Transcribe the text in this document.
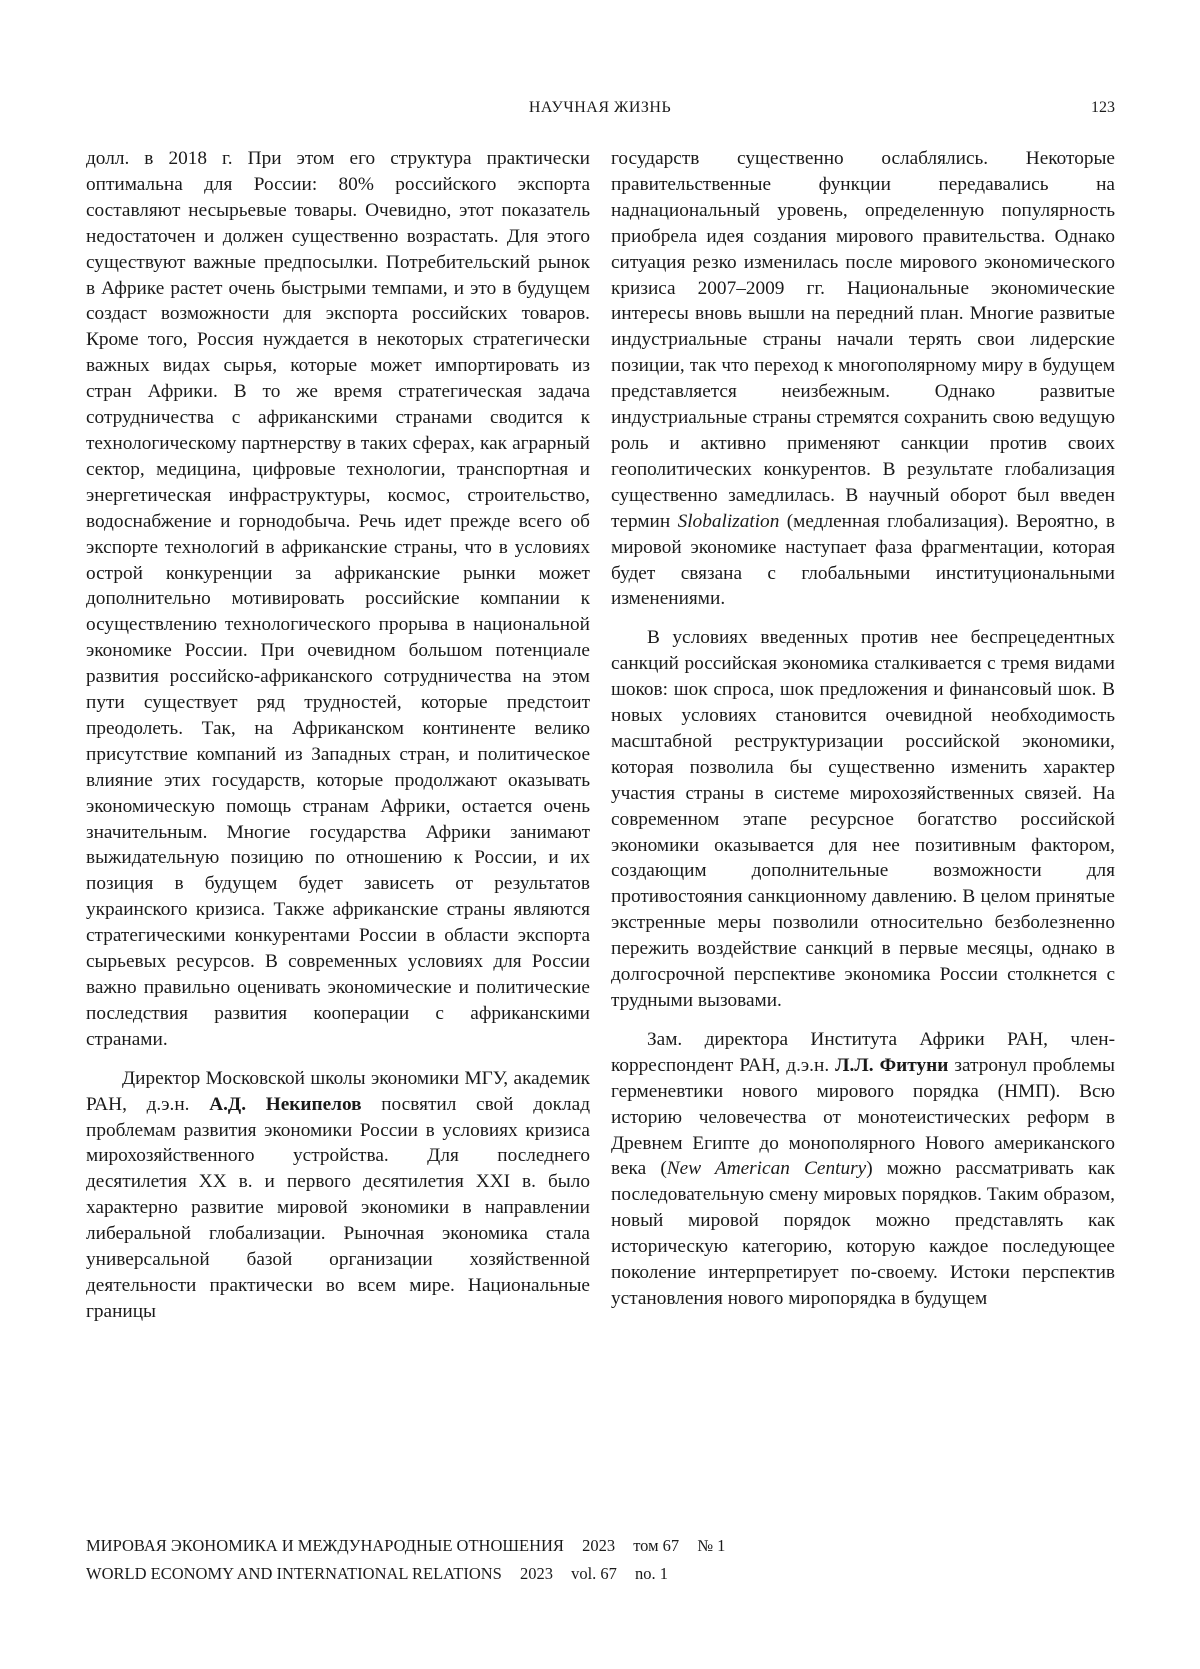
НАУЧНАЯ ЖИЗНЬ	123

долл. в 2018 г. При этом его структура практически оптимальна для России: 80% российского экспорта составляют несырьевые товары. Очевидно, этот показатель недостаточен и должен существенно возрастать. Для этого существуют важные предпосылки. Потребительский рынок в Африке растет очень быстрыми темпами, и это в будущем создаст возможности для экспорта российских товаров. Кроме того, Россия нуждается в некоторых стратегически важных видах сырья, которые может импортировать из стран Африки. В то же время стратегическая задача сотрудничества с африканскими странами сводится к технологическому партнерству в таких сферах, как аграрный сектор, медицина, цифровые технологии, транспортная и энергетическая инфраструктуры, космос, строительство, водоснабжение и горнодобыча. Речь идет прежде всего об экспорте технологий в африканские страны, что в условиях острой конкуренции за африканские рынки может дополнительно мотивировать российские компании к осуществлению технологического прорыва в национальной экономике России. При очевидном большом потенциале развития российско-африканского сотрудничества на этом пути существует ряд трудностей, которые предстоит преодолеть. Так, на Африканском континенте велико присутствие компаний из Западных стран, и политическое влияние этих государств, которые продолжают оказывать экономическую помощь странам Африки, остается очень значительным. Многие государства Африки занимают выжидательную позицию по отношению к России, и их позиция в будущем будет зависеть от результатов украинского кризиса. Также африканские страны являются стратегическими конкурентами России в области экспорта сырьевых ресурсов. В современных условиях для России важно правильно оценивать экономические и политические последствия развития кооперации с африканскими странами.

Директор Московской школы экономики МГУ, академик РАН, д.э.н. А.Д. Некипелов посвятил свой доклад проблемам развития экономики России в условиях кризиса мирохозяйственного устройства. Для последнего десятилетия XX в. и первого десятилетия XXI в. было характерно развитие мировой экономики в направлении либеральной глобализации. Рыночная экономика стала универсальной базой организации хозяйственной деятельности практически во всем мире. Национальные границы

государств существенно ослаблялись. Некоторые правительственные функции передавались на наднациональный уровень, определенную популярность приобрела идея создания мирового правительства. Однако ситуация резко изменилась после мирового экономического кризиса 2007–2009 гг. Национальные экономические интересы вновь вышли на передний план. Многие развитые индустриальные страны начали терять свои лидерские позиции, так что переход к многополярному миру в будущем представляется неизбежным. Однако развитые индустриальные страны стремятся сохранить свою ведущую роль и активно применяют санкции против своих геополитических конкурентов. В результате глобализация существенно замедлилась. В научный оборот был введен термин Slobalization (медленная глобализация). Вероятно, в мировой экономике наступает фаза фрагментации, которая будет связана с глобальными институциональными изменениями.

В условиях введенных против нее беспрецедентных санкций российская экономика сталкивается с тремя видами шоков: шок спроса, шок предложения и финансовый шок. В новых условиях становится очевидной необходимость масштабной реструктуризации российской экономики, которая позволила бы существенно изменить характер участия страны в системе мирохозяйственных связей. На современном этапе ресурсное богатство российской экономики оказывается для нее позитивным фактором, создающим дополнительные возможности для противостояния санкционному давлению. В целом принятые экстренные меры позволили относительно безболезненно пережить воздействие санкций в первые месяцы, однако в долгосрочной перспективе экономика России столкнется с трудными вызовами.

Зам. директора Института Африки РАН, член-корреспондент РАН, д.э.н. Л.Л. Фитуни затронул проблемы герменевтики нового мирового порядка (НМП). Всю историю человечества от монотеистических реформ в Древнем Египте до монополярного Нового американского века (New American Century) можно рассматривать как последовательную смену мировых порядков. Таким образом, новый мировой порядок можно представлять как историческую категорию, которую каждое последующее поколение интерпретирует по-своему. Истоки перспектив установления нового миропорядка в будущем

МИРОВАЯ ЭКОНОМИКА И МЕЖДУНАРОДНЫЕ ОТНОШЕНИЯ 2023 том 67 № 1
WORLD ECONOMY AND INTERNATIONAL RELATIONS 2023 vol. 67 no. 1
